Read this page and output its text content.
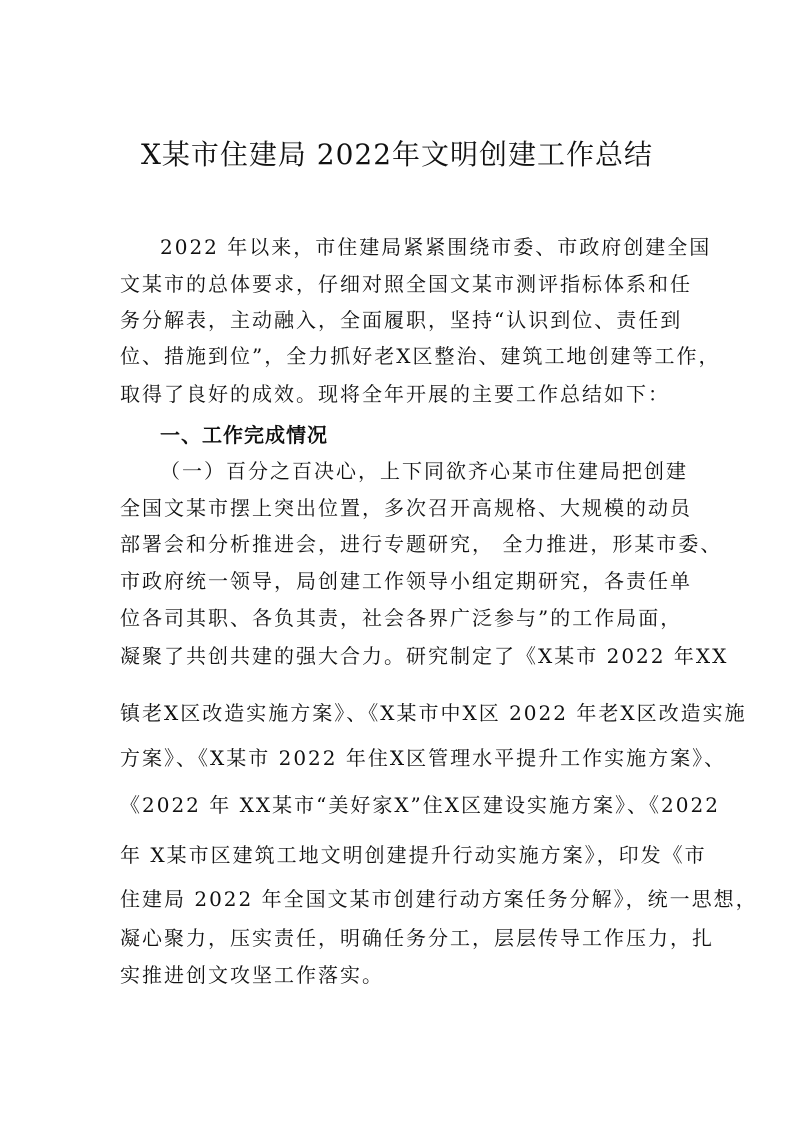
X某市住建局 2022年文明创建工作总结
2022 年以来，市住建局紧紧围绕市委、市政府创建全国
文某市的总体要求，仔细对照全国文某市测评指标体系和任
务分解表，主动融入，全面履职，坚持“认识到位、责任到
位、措施到位”，全力抓好老X区整治、建筑工地创建等工作，
取得了良好的成效。现将全年开展的主要工作总结如下：
一、工作完成情况
（一）百分之百决心，上下同欲齐心某市住建局把创建
全国文某市摆上突出位置，多次召开高规格、大规模的动员
部署会和分析推进会，进行专题研究， 全力推进，形某市委、
市政府统一领导，局创建工作领导小组定期研究，各责任单
位各司其职、各负其责，社会各界广泛参与”的工作局面，
凝聚了共创共建的强大合力。研究制定了《X某市 2022 年XX
镇老X区改造实施方案》、《X某市中X区 2022 年老X区改造实施
方案》、《X某市 2022 年住X区管理水平提升工作实施方案》、
《2022 年 XX某市“美好家X”住X区建设实施方案》、《2022
年 X某市区建筑工地文明创建提升行动实施方案》，印发《市
住建局 2022 年全国文某市创建行动方案任务分解》，统一思想，
凝心聚力，压实责任，明确任务分工，层层传导工作压力，扎
实推进创文攻坚工作落实。
